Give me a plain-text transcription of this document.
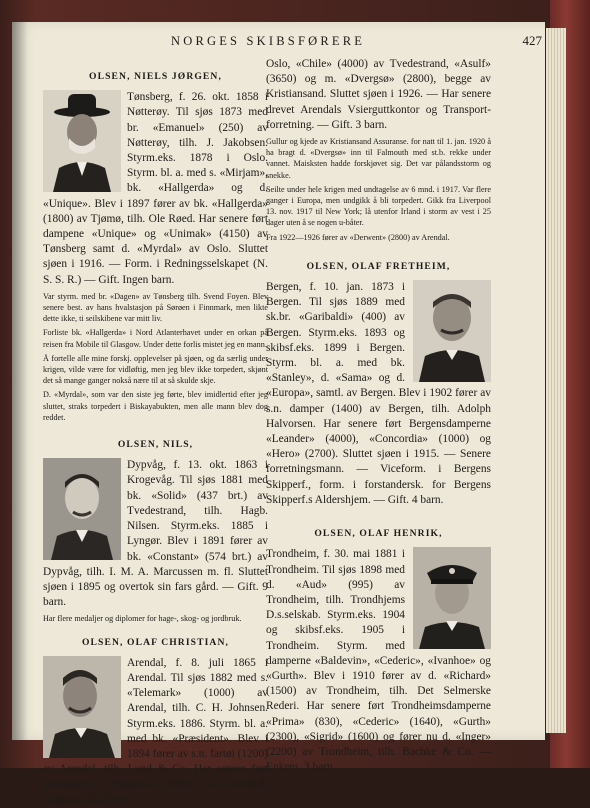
NORGES SKIBSFØRERE	427
OLSEN, NIELS JØRGEN,

Tønsberg, f. 26. okt. 1858 i Nøtterøy. Til sjøs 1873 med br. «Emanuel» (250) av Nøtterøy, tilh. J. Jakobsen. Styrm.eks. 1878 i Oslo. Styrm. bl. a. med s. «Mirjam», bk. «Hallgerda» og d. «Unique». Blev i 1897 fører av bk. «Hallgerda» (1800) av Tjømø, tilh. Ole Røed. Har senere ført dampene «Unique» og «Unimak» (4150) av Tønsberg samt d. «Myrdal» av Oslo. Sluttet sjøen i 1916. — Form. i Redningsselskapet (N. S. S. R.) — Gift. Ingen barn.

Var styrm. med br. «Dagen» av Tønsberg tilh. Svend Foyen. Blev senere best. av hans hvalstasjon på Sørøen i Finnmark, men likte dette ikke, ti seilskibene var mitt liv.

Forliste bk. «Hallgerda» i Nord Atlanterhavet under en orkan på reisen fra Mobile til Glasgow. Under dette forlis mistet jeg en mann.

Å fortelle alle mine forskj. opplevelser på sjøen, og da særlig under krigen, vilde være for vidløftig, men jeg blev ikke torpedert, skjønt det så mange ganger nokså nære til at så skulde skje.

D. «Myrdal», som var den siste jeg førte, blev imidlertid efter jeg sluttet, straks torpedert i Biskayabukten, men alle mann blev dog reddet.

OLSEN, NILS,

Dypvåg, f. 13. okt. 1863 i Krogevåg. Til sjøs 1881 med bk. «Solid» (437 brt.) av Tvedestrand, tilh. Hagb. Nilsen. Styrm.eks. 1885 i Lyngør. Blev i 1891 fører av bk. «Constant» (574 brt.) av Dypvåg, tilh. I. M. A. Marcussen m. fl. Sluttet sjøen i 1895 og overtok sin fars gård. — Gift. 9 barn.

Har flere medaljer og diplomer for hage-, skog- og jordbruk.

OLSEN, OLAF CHRISTIAN,

Arendal, f. 8. juli 1865 i Arendal. Til sjøs 1882 med s. «Telemark» (1000) av Arendal, tilh. C. H. Johnsen. Styrm.eks. 1886. Styrm. bl. a. med bk. «Præsident». Blev i 1894 fører av s.n. fartøi (1200) av Arendal, tilh. Lund & Co. Har senere ført seilskutene «Dagmal» (600) av Arendal, «Moren» (2200) av

Oslo, «Chile» (4000) av Tvedestrand, «Asulf» (3650) og m. «Dvergsø» (2800), begge av Kristiansand. Sluttet sjøen i 1926. — Har senere drevet Arendals Vsierguttkontor og Transportforretning. — Gift. 3 barn.

Gullur og kjede av Kristiansand Assuranse. for natt til 1. jan. 1920 å ha bragt d. «Dvergsø» inn til Falmouth med st.b. rekke under vannet. Maisksten hadde forskjøvet sig. Det var pålandsstorm og snekke.

Seilte under hele krigen med undtagelse av 6 mnd. i 1917. Var flere ganger i Europa, men undgikk å bli torpedert. Gikk fra Liverpool 13. nov. 1917 til New York; lå utenfor Irland i storm av vest i 25 dager uten å se nogen u-båter.

Fra 1922—1926 fører av «Derwent» (2800) av Arendal.

OLSEN, OLAF FRETHEIM,

Bergen, f. 10. jan. 1873 i Bergen. Til sjøs 1889 med sk.br. «Garibaldi» (400) av Bergen. Styrm.eks. 1893 og skibsf.eks. 1899 i Bergen. Styrm. bl. a. med bk. «Stanley», d. «Sama» og d. «Europa», samtl. av Bergen. Blev i 1902 fører av s.n. damper (1400) av Bergen, tilh. Adolph Halvorsen. Har senere ført Bergensdamperne «Leander» (4000), «Concordia» (1000) og «Hero» (2700). Sluttet sjøen i 1915. — Senere forretningsmann. — Viceform. i Bergens Skipperf., form. i forstandersk. for Bergens Skipperf.s Aldershjem. — Gift. 4 barn.

OLSEN, OLAF HENRIK,

Trondheim, f. 30. mai 1881 i Trondheim. Til sjøs 1898 med d. «Aud» (995) av Trondheim, tilh. Trondhjems D.s.selskab. Styrm.eks. 1904 og skibsf.eks. 1905 i Trondheim. Styrm. med damperne «Baldevin», «Cederic», «Ivanhoe» og «Gurth». Blev i 1910 fører av d. «Richard» (1500) av Trondheim, tilh. Det Selmerske Rederi. Har senere ført Trondheimsdamperne «Prima» (830), «Cederic» (1640), «Gurth» (2300), «Sigrid» (1600) og fører nu d. «Inger» (2200) av Trondheim, tilh. Bachke & Co. — Enkem. 3 barn.
